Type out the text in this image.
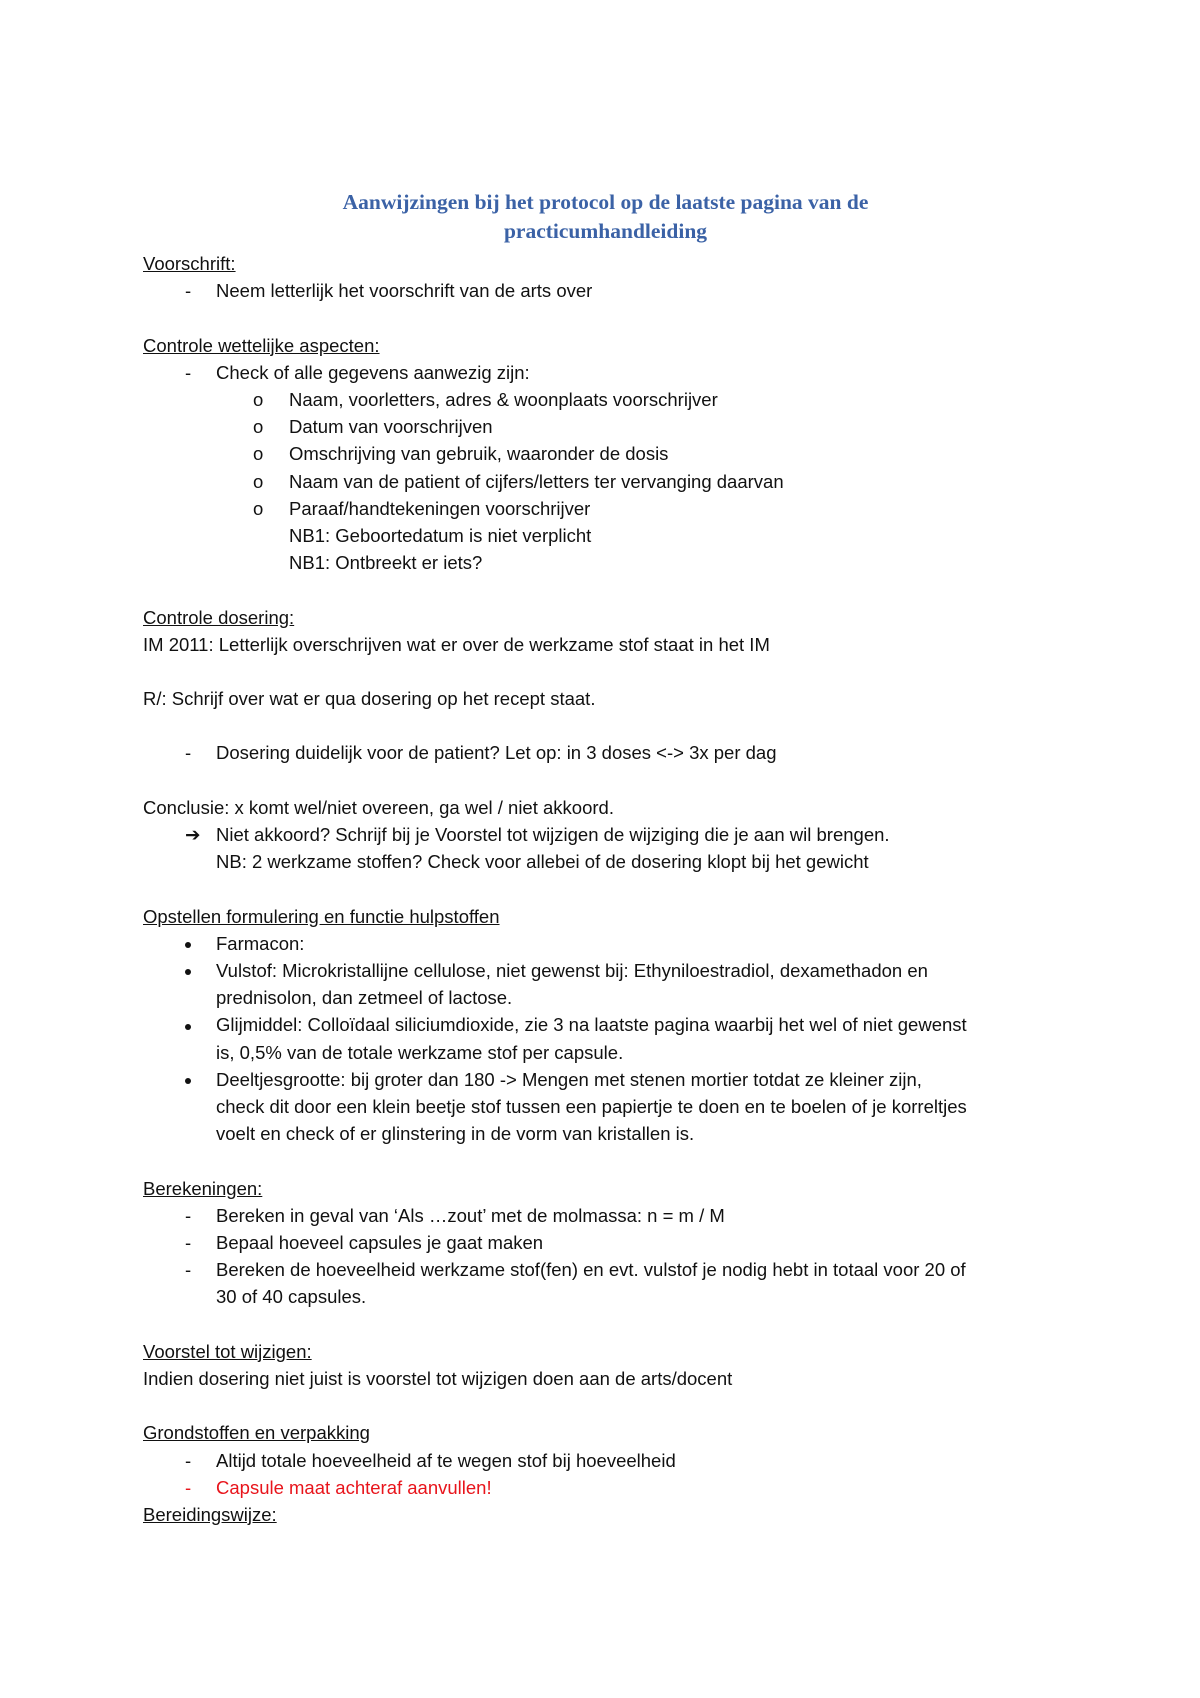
Aanwijzingen bij het protocol op de laatste pagina van de
practicumhandleiding
Voorschrift:
- Neem letterlijk het voorschrift van de arts over
Controle wettelijke aspecten:
- Check of alle gegevens aanwezig zijn:
o Naam, voorletters, adres & woonplaats voorschrijver
o Datum van voorschrijven
o Omschrijving van gebruik, waaronder de dosis
o Naam van de patient of cijfers/letters ter vervanging daarvan
o Paraaf/handtekeningen voorschrijver
NB1: Geboortedatum is niet verplicht
NB1: Ontbreekt er iets?
Controle dosering:
IM 2011: Letterlijk overschrijven wat er over de werkzame stof staat in het IM
R/: Schrijf over wat er qua dosering op het recept staat.
- Dosering duidelijk voor de patient? Let op: in 3 doses <-> 3x per dag
Conclusie: x komt wel/niet overeen, ga wel / niet akkoord.
➔ Niet akkoord? Schrijf bij je Voorstel tot wijzigen de wijziging die je aan wil brengen.
NB: 2 werkzame stoffen? Check voor allebei of de dosering klopt bij het gewicht
Opstellen formulering en functie hulpstoffen
Farmacon:
Vulstof: Microkristallijne cellulose, niet gewenst bij: Ethyniloestradiol, dexamethadon en
prednisolon, dan zetmeel of lactose.
Glijmiddel: Colloïdaal siliciumdioxide, zie 3 na laatste pagina waarbij het wel of niet gewenst
is, 0,5% van de totale werkzame stof per capsule.
Deeltjesgrootte: bij groter dan 180 -> Mengen met stenen mortier totdat ze kleiner zijn,
check dit door een klein beetje stof tussen een papiertje te doen en te boelen of je korreltjes
voelt en check of er glinstering in de vorm van kristallen is.
Berekeningen:
- Bereken in geval van ‘Als …zout’ met de molmassa: n = m / M
- Bepaal hoeveel capsules je gaat maken
- Bereken de hoeveelheid werkzame stof(fen) en evt. vulstof je nodig hebt in totaal voor 20 of
30 of 40 capsules.
Voorstel tot wijzigen:
Indien dosering niet juist is voorstel tot wijzigen doen aan de arts/docent
Grondstoffen en verpakking
- Altijd totale hoeveelheid af te wegen stof bij hoeveelheid
- Capsule maat achteraf aanvullen!
Bereidingswijze:
